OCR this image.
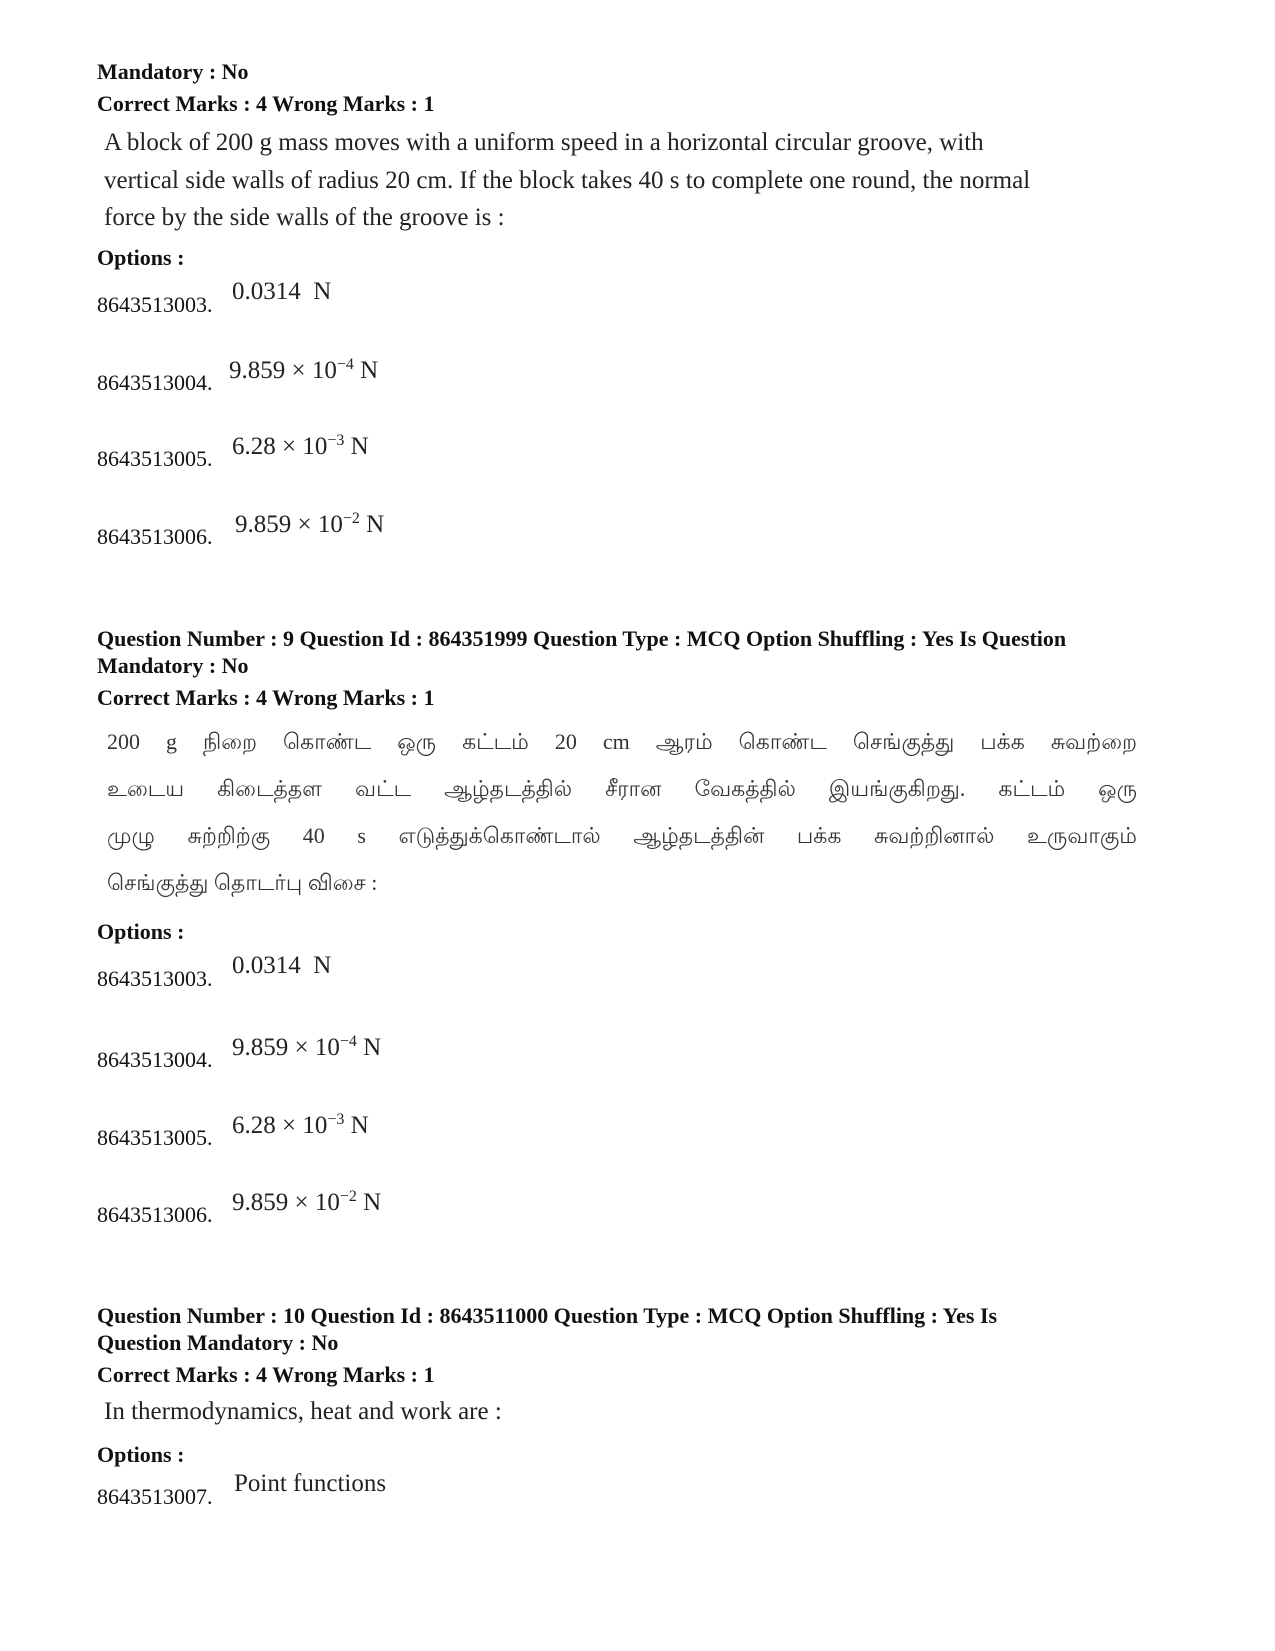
Mandatory : No
Correct Marks : 4 Wrong Marks : 1
A block of 200 g mass moves with a uniform speed in a horizontal circular groove, with
vertical side walls of radius 20 cm. If the block takes 40 s to complete one round, the normal
force by the side walls of the groove is :
Options :
8643513003. 0.0314 N
8643513004. $9.859 \times 10^{-4}$ N
8643513005. $6.28 \times 10^{-3}$ N
8643513006. $9.859 \times 10^{-2}$ N
Question Number : 9 Question Id : 864351999 Question Type : MCQ Option Shuffling : Yes Is Question
Mandatory : No
Correct Marks : 4 Wrong Marks : 1
200 g நிறை கொண்ட ஒரு கட்டம் 20 cm ஆரம் கொண்ட செங்குத்து பக்க சுவற்றை
உடைய கிடைத்தள வட்ட ஆழ்தடத்தில் சீரான வேகத்தில் இயங்குகிறது. கட்டம் ஒரு
முழு சுற்றிற்கு 40 s எடுத்துக்கொண்டால் ஆழ்தடத்தின் பக்க சுவற்றினால் உருவாகும்
செங்குத்து தொடர்பு விசை :
Options :
8643513003. 0.0314 N
8643513004. $9.859 \times 10^{-4}$ N
8643513005. $6.28 \times 10^{-3}$ N
8643513006. $9.859 \times 10^{-2}$ N
Question Number : 10 Question Id : 8643511000 Question Type : MCQ Option Shuffling : Yes Is
Question Mandatory : No
Correct Marks : 4 Wrong Marks : 1
In thermodynamics, heat and work are :
Options :
8643513007. Point functions
